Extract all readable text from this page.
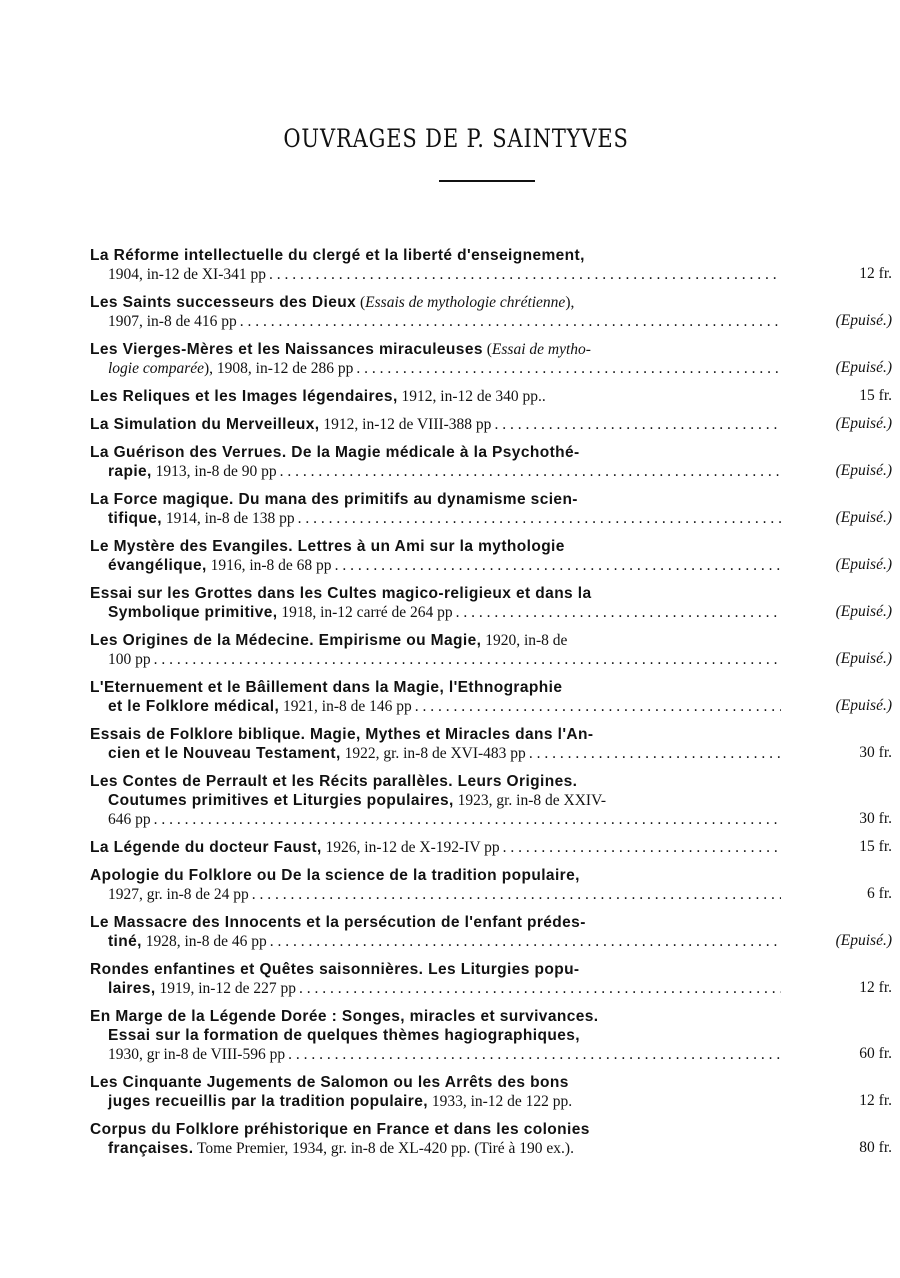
OUVRAGES DE P. SAINTYVES
La Réforme intellectuelle du clergé et la liberté d'enseignement,
1904, in-12 de XI-341 pp . . .	12 fr.
Les Saints successeurs des Dieux ( Essais de mythologie chrétienne ),
1907, in-8 de 416 pp . . .	(Epuisé.)
Les Vierges-Mères et les Naissances miraculeuses ( Essai de mytho-
logie comparée ), 1908, in-12 de 286 pp . . .	(Epuisé.)
Les Reliques et les Images légendaires, 1912, in-12 de 340 pp..	15 fr.
La Simulation du Merveilleux, 1912, in-12 de VIII-388 pp . . .	(Epuisé.)
La Guérison des Verrues. De la Magie médicale à la Psychothé-
rapie, 1913, in-8 de 90 pp . . .	(Epuisé.)
La Force magique. Du mana des primitifs au dynamisme scien-
tifique, 1914, in-8 de 138 pp . . .	(Epuisé.)
Le Mystère des Evangiles. Lettres à un Ami sur la mythologie
évangélique, 1916, in-8 de 68 pp . . .	(Epuisé.)
Essai sur les Grottes dans les Cultes magico-religieux et dans la
Symbolique primitive, 1918, in-12 carré de 264 pp . . .	(Epuisé.)
Les Origines de la Médecine. Empirisme ou Magie, 1920, in-8 de
100 pp . . .	(Epuisé.)
L'Eternuement et le Bâillement dans la Magie, l'Ethnographie
et le Folklore médical, 1921, in-8 de 146 pp . . .	(Epuisé.)
Essais de Folklore biblique. Magie, Mythes et Miracles dans l'An-
cien et le Nouveau Testament, 1922, gr. in-8 de XVI-483 pp . . .	30 fr.
Les Contes de Perrault et les Récits parallèles. Leurs Origines.
Coutumes primitives et Liturgies populaires, 1923, gr. in-8 de XXIV-
646 pp . . .	30 fr.
La Légende du docteur Faust, 1926, in-12 de X-192-IV pp . . .	15 fr.
Apologie du Folklore ou De la science de la tradition populaire,
1927, gr. in-8 de 24 pp . . .	6 fr.
Le Massacre des Innocents et la persécution de l'enfant prédes-
tiné, 1928, in-8 de 46 pp . . .	(Epuisé.)
Rondes enfantines et Quêtes saisonnières. Les Liturgies popu-
laires, 1919, in-12 de 227 pp . . .	12 fr.
En Marge de la Légende Dorée : Songes, miracles et survivances.
Essai sur la formation de quelques thèmes hagiographiques,
1930, gr in-8 de VIII-596 pp . . .	60 fr.
Les Cinquante Jugements de Salomon ou les Arrêts des bons
juges recueillis par la tradition populaire, 1933, in-12 de 122 pp.	12 fr.
Corpus du Folklore préhistorique en France et dans les colonies
françaises. Tome Premier, 1934, gr. in-8 de XL-420 pp. (Tiré à 190 ex.).	80 fr.
